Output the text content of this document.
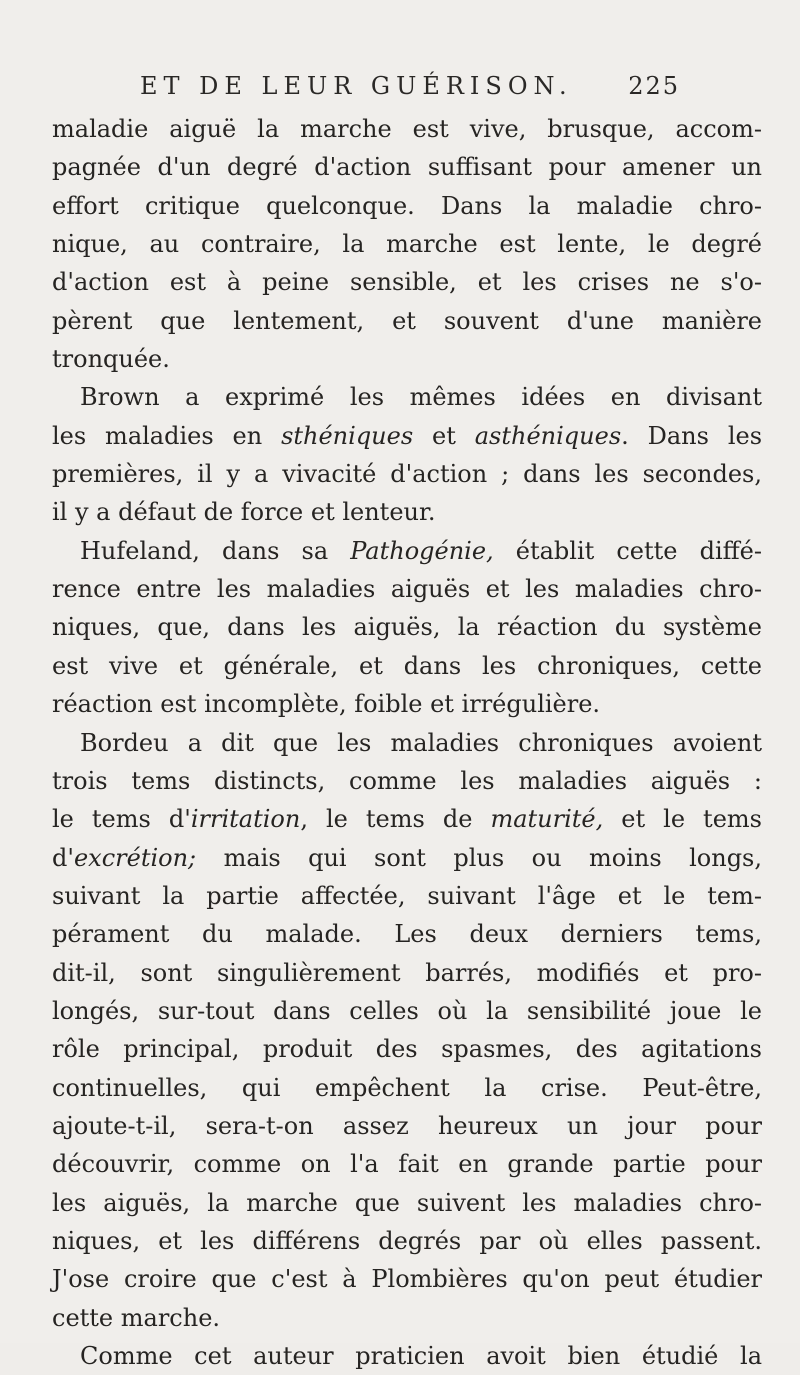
ET DE LEUR GUÉRISON. 225
maladie aiguë la marche est vive, brusque, accom-
pagnée d'un degré d'action suffisant pour amener un
effort critique quelconque. Dans la maladie chro-
nique, au contraire, la marche est lente, le degré
d'action est à peine sensible, et les crises ne s'o-
pèrent que lentement, et souvent d'une manière
tronquée.
Brown a exprimé les mêmes idées en divisant
les maladies en sthéniques et asthéniques. Dans les
premières, il y a vivacité d'action ; dans les secondes,
il y a défaut de force et lenteur.
Hufeland, dans sa Pathogénie, établit cette diffé-
rence entre les maladies aiguës et les maladies chro-
niques, que, dans les aiguës, la réaction du système
est vive et générale, et dans les chroniques, cette
réaction est incomplète, foible et irrégulière.
Bordeu a dit que les maladies chroniques avoient
trois tems distincts, comme les maladies aiguës :
le tems d'irritation, le tems de maturité, et le tems
d'excrétion; mais qui sont plus ou moins longs,
suivant la partie affectée, suivant l'âge et le tem-
pérament du malade. Les deux derniers tems,
dit-il, sont singulièrement barrés, modifiés et pro-
longés, sur-tout dans celles où la sensibilité joue le
rôle principal, produit des spasmes, des agitations
continuelles, qui empêchent la crise. Peut-être,
ajoute-t-il, sera-t-on assez heureux un jour pour
découvrir, comme on l'a fait en grande partie pour
les aiguës, la marche que suivent les maladies chro-
niques, et les différens degrés par où elles passent.
J'ose croire que c'est à Plombières qu'on peut étudier
cette marche.
Comme cet auteur praticien avoit bien étudié la
